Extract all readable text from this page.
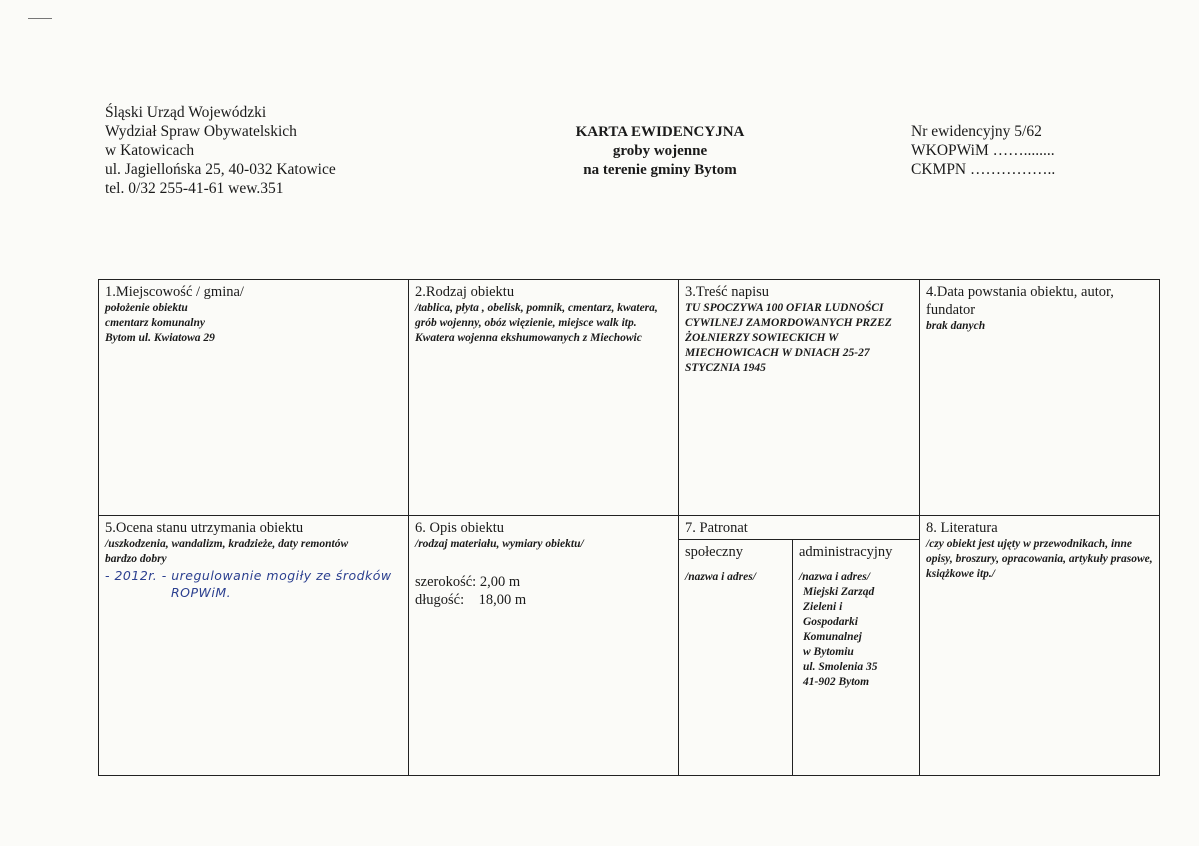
Śląski Urząd Wojewódzki
Wydział Spraw Obywatelskich
w Katowicach
ul. Jagiellońska 25, 40-032 Katowice
tel. 0/32 255-41-61 wew.351
KARTA EWIDENCYJNA
groby wojenne
na terenie gminy Bytom
Nr ewidencyjny 5/62
WKOPWiM ……........
CKMPN ……………..
1.Miejscowość / gmina/
położenie obiektu
cmentarz komunalny
Bytom ul. Kwiatowa 29
2.Rodzaj obiektu
/tablica, płyta , obelisk, pomnik, cmentarz, kwatera, grób wojenny, obóz więzienie, miejsce walk itp.
Kwatera wojenna ekshumowanych z Miechowic
3.Treść napisu
TU SPOCZYWA 100 OFIAR LUDNOŚCI CYWILNEJ ZAMORDOWANYCH PRZEZ ŻOŁNIERZY SOWIECKICH W MIECHOWICACH W DNIACH 25-27 STYCZNIA 1945
4.Data powstania obiektu, autor, fundator
brak danych
5.Ocena stanu utrzymania obiektu
/uszkodzenia, wandalizm, kradzieże, daty remontów
bardzo dobry
- 2012r. - uregulowanie mogiły ze środków
ROPWiM.
6. Opis obiektu
/rodzaj materiału, wymiary obiektu/
szerokość: 2,00 m
długość:    18,00 m
7. Patronat
społeczny
/nazwa i adres/
administracyjny
/nazwa i adres/
Miejski Zarząd
Zieleni i
Gospodarki
Komunalnej
w Bytomiu
ul. Smolenia 35
41-902 Bytom
8. Literatura
/czy obiekt jest ujęty w przewodnikach, inne opisy, broszury, opracowania, artykuły prasowe, książkowe itp./
